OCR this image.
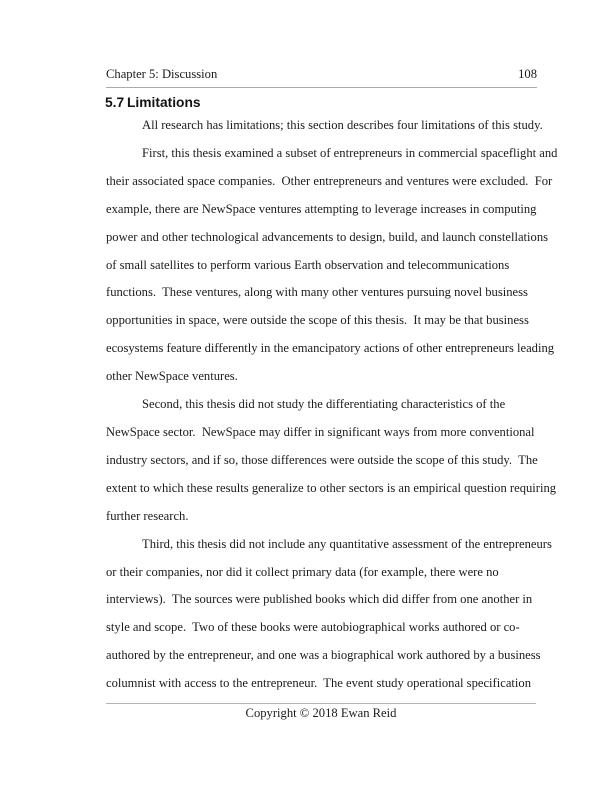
Chapter 5: Discussion	108
5.7 Limitations
All research has limitations; this section describes four limitations of this study.
First, this thesis examined a subset of entrepreneurs in commercial spaceflight and
their associated space companies.  Other entrepreneurs and ventures were excluded.  For
example, there are NewSpace ventures attempting to leverage increases in computing
power and other technological advancements to design, build, and launch constellations
of small satellites to perform various Earth observation and telecommunications
functions.  These ventures, along with many other ventures pursuing novel business
opportunities in space, were outside the scope of this thesis.  It may be that business
ecosystems feature differently in the emancipatory actions of other entrepreneurs leading
other NewSpace ventures.
Second, this thesis did not study the differentiating characteristics of the
NewSpace sector.  NewSpace may differ in significant ways from more conventional
industry sectors, and if so, those differences were outside the scope of this study.  The
extent to which these results generalize to other sectors is an empirical question requiring
further research.
Third, this thesis did not include any quantitative assessment of the entrepreneurs
or their companies, nor did it collect primary data (for example, there were no
interviews).  The sources were published books which did differ from one another in
style and scope.  Two of these books were autobiographical works authored or co-
authored by the entrepreneur, and one was a biographical work authored by a business
columnist with access to the entrepreneur.  The event study operational specification
Copyright © 2018 Ewan Reid
